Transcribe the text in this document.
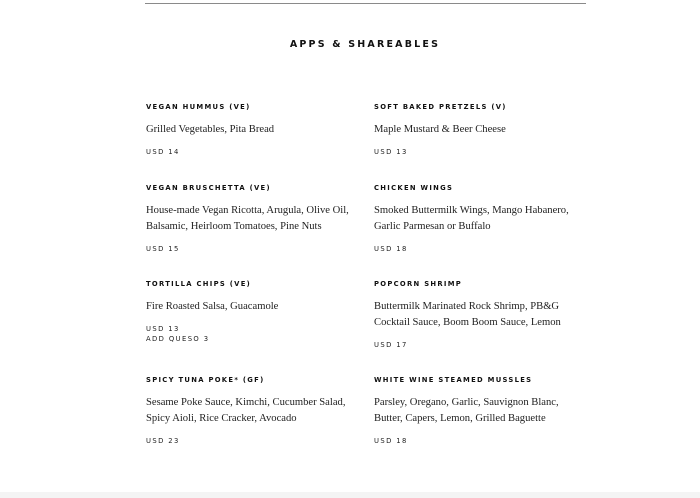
APPS & SHAREABLES
VEGAN HUMMUS (VE)
Grilled Vegetables, Pita Bread
USD 14
SOFT BAKED PRETZELS (V)
Maple Mustard & Beer Cheese
USD 13
VEGAN BRUSCHETTA (VE)
House-made Vegan Ricotta, Arugula, Olive Oil,
Balsamic, Heirloom Tomatoes, Pine Nuts
USD 15
CHICKEN WINGS
Smoked Buttermilk Wings, Mango Habanero,
Garlic Parmesan or Buffalo
USD 18
TORTILLA CHIPS (VE)
Fire Roasted Salsa, Guacamole
USD 13
ADD QUESO 3
POPCORN SHRIMP
Buttermilk Marinated Rock Shrimp, PB&G
Cocktail Sauce, Boom Boom Sauce, Lemon
USD 17
SPICY TUNA POKE* (GF)
Sesame Poke Sauce, Kimchi, Cucumber Salad,
Spicy Aioli, Rice Cracker, Avocado
USD 23
WHITE WINE STEAMED MUSSLES
Parsley, Oregano, Garlic, Sauvignon Blanc,
Butter, Capers, Lemon, Grilled Baguette
USD 18
